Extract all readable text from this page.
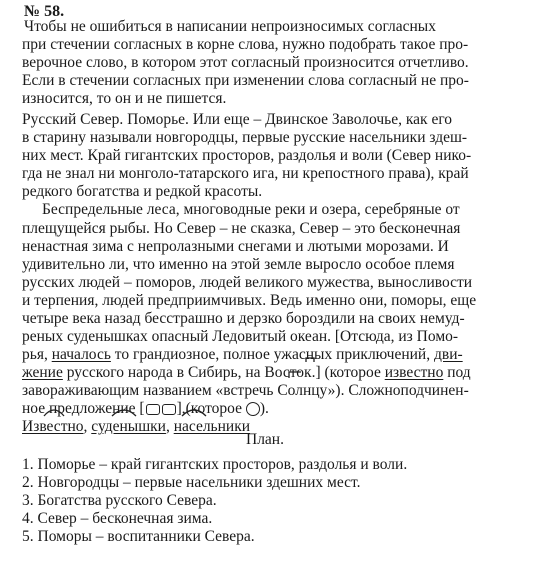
№ 58.
Чтобы не ошибиться в написании непроизносимых согласных
при стечении согласных в корне слова, нужно подобрать такое про-
верочное слово, в котором этот согласный произносится отчетливо.
Если в стечении согласных при изменении слова согласный не про-
износится, то он и не пишется.
Русский Север. Поморье. Или еще – Двинское Заволочье, как его
в старину называли новгородцы, первые русские насельники здеш-
них мест. Край гигантских просторов, раздолья и воли (Север нико-
гда не знал ни монголо-татарского ига, ни крепостного права), край
редкого богатства и редкой красоты.
Беспредельные леса, многоводные реки и озера, серебряные от
плещущейся рыбы. Но Север – не сказка, Север – это бесконечная
ненастная зима с непролазными снегами и лютыми морозами. И
удивительно ли, что именно на этой земле выросло особое племя
русских людей – поморов, людей великого мужества, выносливости
и терпения, людей предприимчивых. Ведь именно они, поморы, еще
четыре века назад бесстрашно и дерзко бороздили на своих немуд-
реных суденышках опасный Ледовитый океан. [Отсюда, из Помо-
рья, началось то грандиозное, полное ужасных приключений, дви-
жение русского народа в Сибирь, на Восток.] (которое известно под
завораживающим названием «встречь Солнцу»). Сложноподчинен-
ное предложение [ ],(которое ).
Известно, суденышки, насельники
План.
1. Поморье – край гигантских просторов, раздолья и воли.
2. Новгородцы – первые насельники здешних мест.
3. Богатства русского Севера.
4. Север – бесконечная зима.
5. Поморы – воспитанники Севера.
